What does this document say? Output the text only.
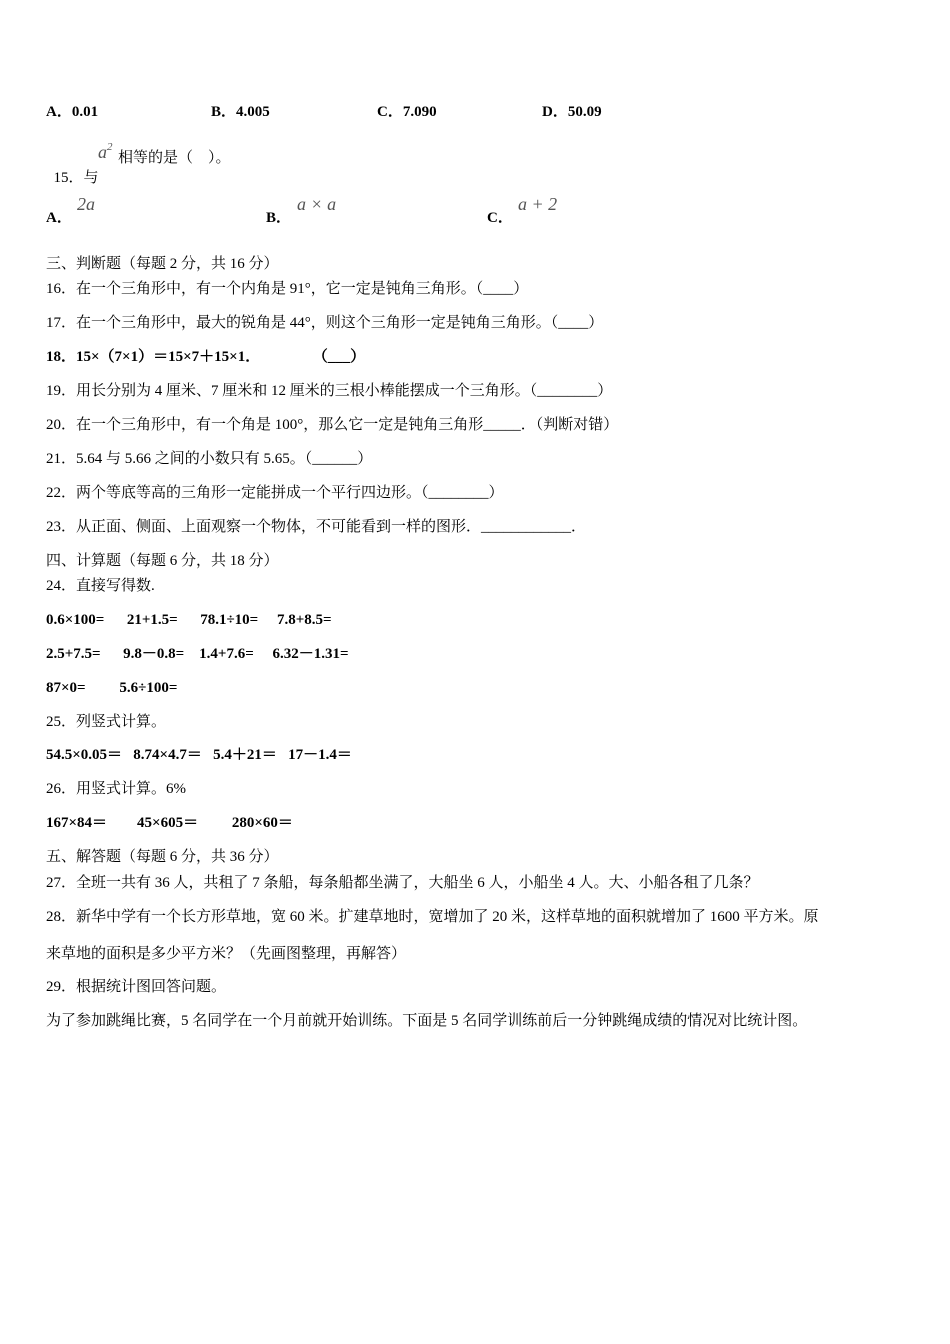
A．0.01	B．4.005	C．7.090	D．50.09

15．与

$a^2$
相等的是（　）。
A．
2a
B．
a × a
C．
a + 2
三、判断题（每题 2 分，共 16 分）
16．在一个三角形中，有一个内角是 91°，它一定是钝角三角形。（____）
17．在一个三角形中，最大的锐角是 44°，则这个三角形一定是钝角三角形。（____）
18．15×（7×1）＝15×7＋15×1．              （___）
19．用长分别为 4 厘米、7 厘米和 12 厘米的三根小棒能摆成一个三角形。（________）
20．在一个三角形中，有一个角是 100°，那么它一定是钝角三角形_____．（判断对错）
21．5.64 与 5.66 之间的小数只有 5.65。（______）
22．两个等底等高的三角形一定能拼成一个平行四边形。（________）
23．从正面、侧面、上面观察一个物体，不可能看到一样的图形．____________．
四、计算题（每题 6 分，共 18 分）
24．直接写得数.
0.6×100=      21+1.5=      78.1÷10=     7.8+8.5=
2.5+7.5=      9.8－0.8=    1.4+7.6=     6.32－1.31=
87×0=         5.6÷100=
25．列竖式计算。
54.5×0.05＝   8.74×4.7＝   5.4＋21＝   17－1.4＝
26．用竖式计算。6%
167×84＝        45×605＝         280×60＝
五、解答题（每题 6 分，共 36 分）
27．全班一共有 36 人，共租了 7 条船，每条船都坐满了，大船坐 6 人，小船坐 4 人。大、小船各租了几条？
28．新华中学有一个长方形草地，宽 60 米。扩建草地时，宽增加了 20 米，这样草地的面积就增加了 1600 平方米。原
来草地的面积是多少平方米？（先画图整理，再解答）
29．根据统计图回答问题。
为了参加跳绳比赛，5 名同学在一个月前就开始训练。下面是 5 名同学训练前后一分钟跳绳成绩的情况对比统计图。
